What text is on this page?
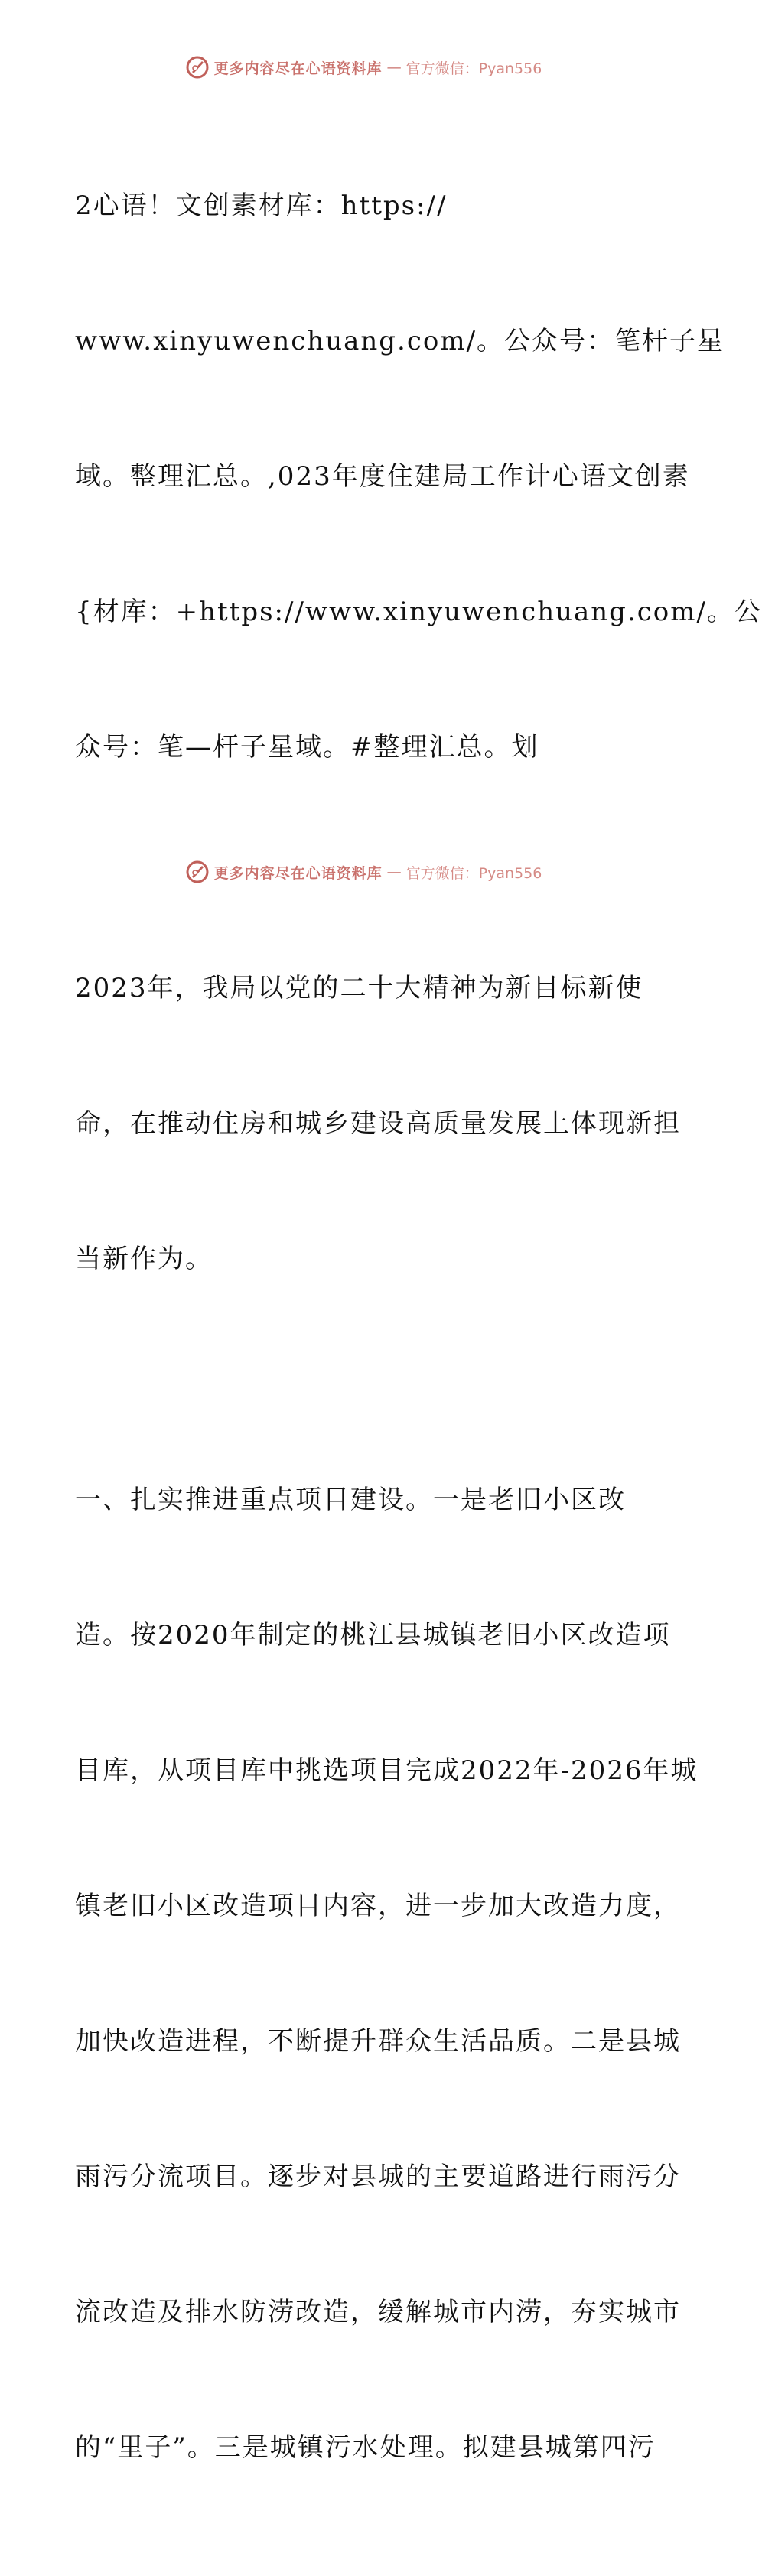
更多内容尽在心语资料库 — 官方微信：Pyan556

2心语！文创素材库：https://

www.xinyuwenchuang.com/。公众号：笔杆子星

域。整理汇总。,023年度住建局工作计心语文创素

{材库：+https://www.xinyuwenchuang.com/。公

众号：笔—杆子星域。#整理汇总。划

2023年，我局以党的二十大精神为新目标新使

命，在推动住房和城乡建设高质量发展上体现新担

当新作为。

一、扎实推进重点项目建设。一是老旧小区改

造。按2020年制定的桃江县城镇老旧小区改造项

目库，从项目库中挑选项目完成2022年-2026年城

镇老旧小区改造项目内容，进一步加大改造力度，

加快改造进程，不断提升群众生活品质。二是县城

雨污分流项目。逐步对县城的主要道路进行雨污分

流改造及排水防涝改造，缓解城市内涝，夯实城市

的“里子”。三是城镇污水处理。拟建县城第四污

更多内容尽在心语资料库 — 官方微信：Pyan556
